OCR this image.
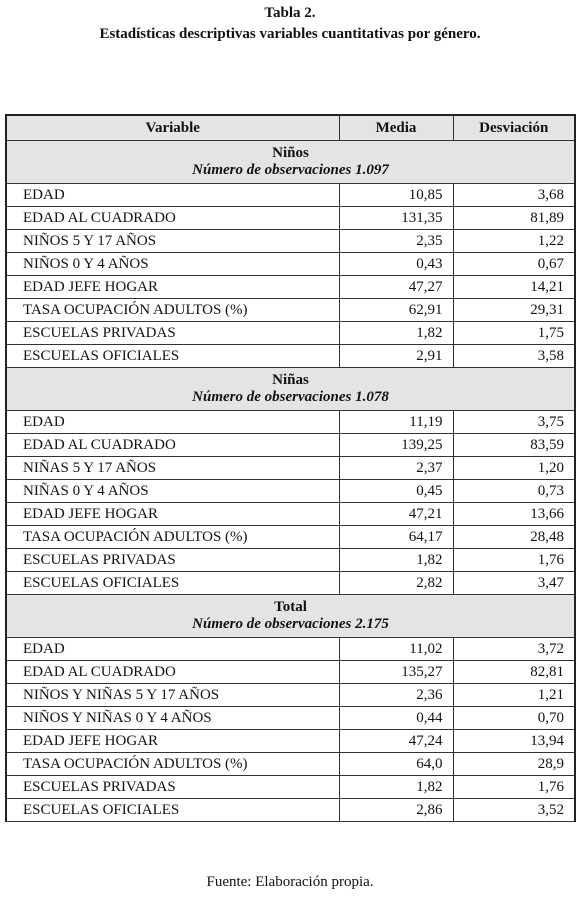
Tabla 2.
Estadísticas descriptivas variables cuantitativas por género.
Variable	Media	Desviación

Niños
Número de observaciones 1.097		

EDAD	10,85	3,68
EDAD AL CUADRADO	131,35	81,89
NIÑOS 5 Y 17 AÑOS	2,35	1,22
NIÑOS 0 Y 4 AÑOS	0,43	0,67
EDAD JEFE HOGAR	47,27	14,21
TASA OCUPACIÓN ADULTOS (%)	62,91	29,31
ESCUELAS PRIVADAS	1,82	1,75
ESCUELAS OFICIALES	2,91	3,58

Niñas
Número de observaciones 1.078		

EDAD	11,19	3,75
EDAD AL CUADRADO	139,25	83,59
NIÑAS 5 Y 17 AÑOS	2,37	1,20
NIÑAS 0 Y 4 AÑOS	0,45	0,73
EDAD JEFE HOGAR	47,21	13,66
TASA OCUPACIÓN ADULTOS (%)	64,17	28,48
ESCUELAS PRIVADAS	1,82	1,76
ESCUELAS OFICIALES	2,82	3,47

Total
Número de observaciones 2.175		

EDAD	11,02	3,72
EDAD AL CUADRADO	135,27	82,81
NIÑOS Y NIÑAS 5 Y 17 AÑOS	2,36	1,21
NIÑOS Y NIÑAS 0 Y 4 AÑOS	0,44	0,70
EDAD JEFE HOGAR	47,24	13,94
TASA OCUPACIÓN ADULTOS (%)	64,0	28,9
ESCUELAS PRIVADAS	1,82	1,76
ESCUELAS OFICIALES	2,86	3,52
Fuente: Elaboración propia.
